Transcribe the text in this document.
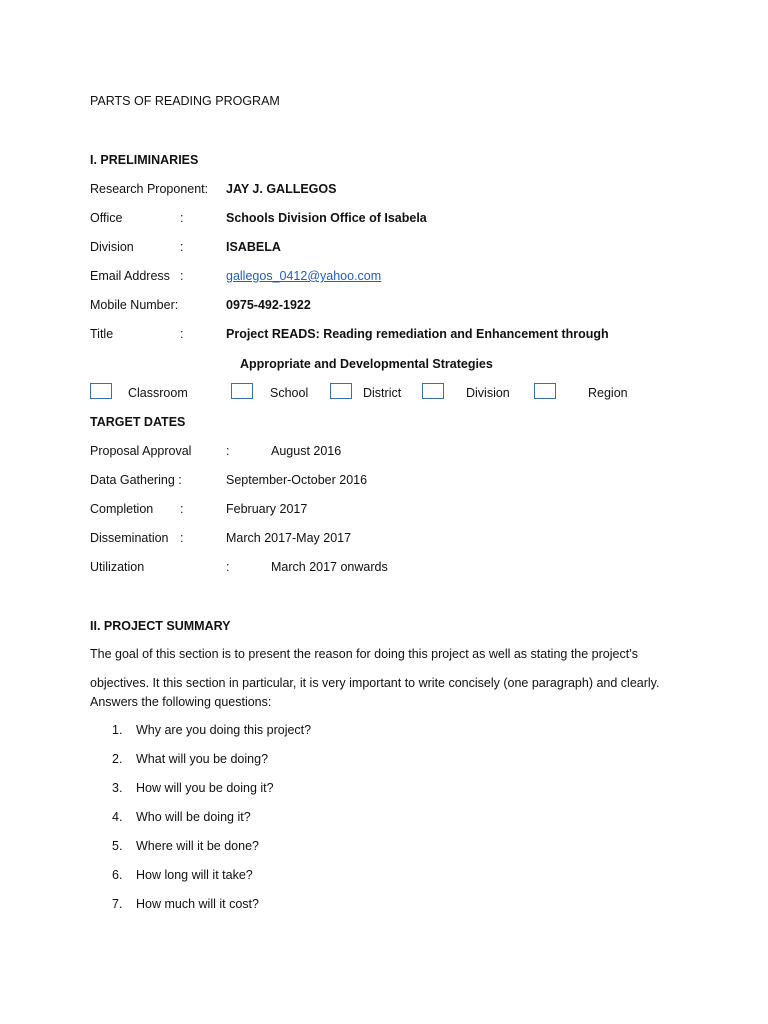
PARTS OF READING PROGRAM
I. PRELIMINARIES
Research Proponent: JAY J. GALLEGOS
Office	:	Schools Division Office of Isabela
Division	:	ISABELA
Email Address :	gallegos_0412@yahoo.com
Mobile Number:	0975-492-1922
Title	:	Project READS: Reading remediation and Enhancement through
Appropriate and Developmental Strategies
Classroom	School	District	Division	Region
TARGET DATES
Proposal Approval	:	August 2016
Data Gathering :	September-October 2016
Completion :	February 2017
Dissemination :	March 2017-May 2017
Utilization	:	March 2017 onwards
II. PROJECT SUMMARY
The goal of this section is to present the reason for doing this project as well as stating the project’s objectives. It this section in particular, it is very important to write concisely (one paragraph) and clearly.
Answers the following questions:
1. Why are you doing this project?
2. What will you be doing?
3. How will you be doing it?
4. Who will be doing it?
5. Where will it be done?
6. How long will it take?
7. How much will it cost?
